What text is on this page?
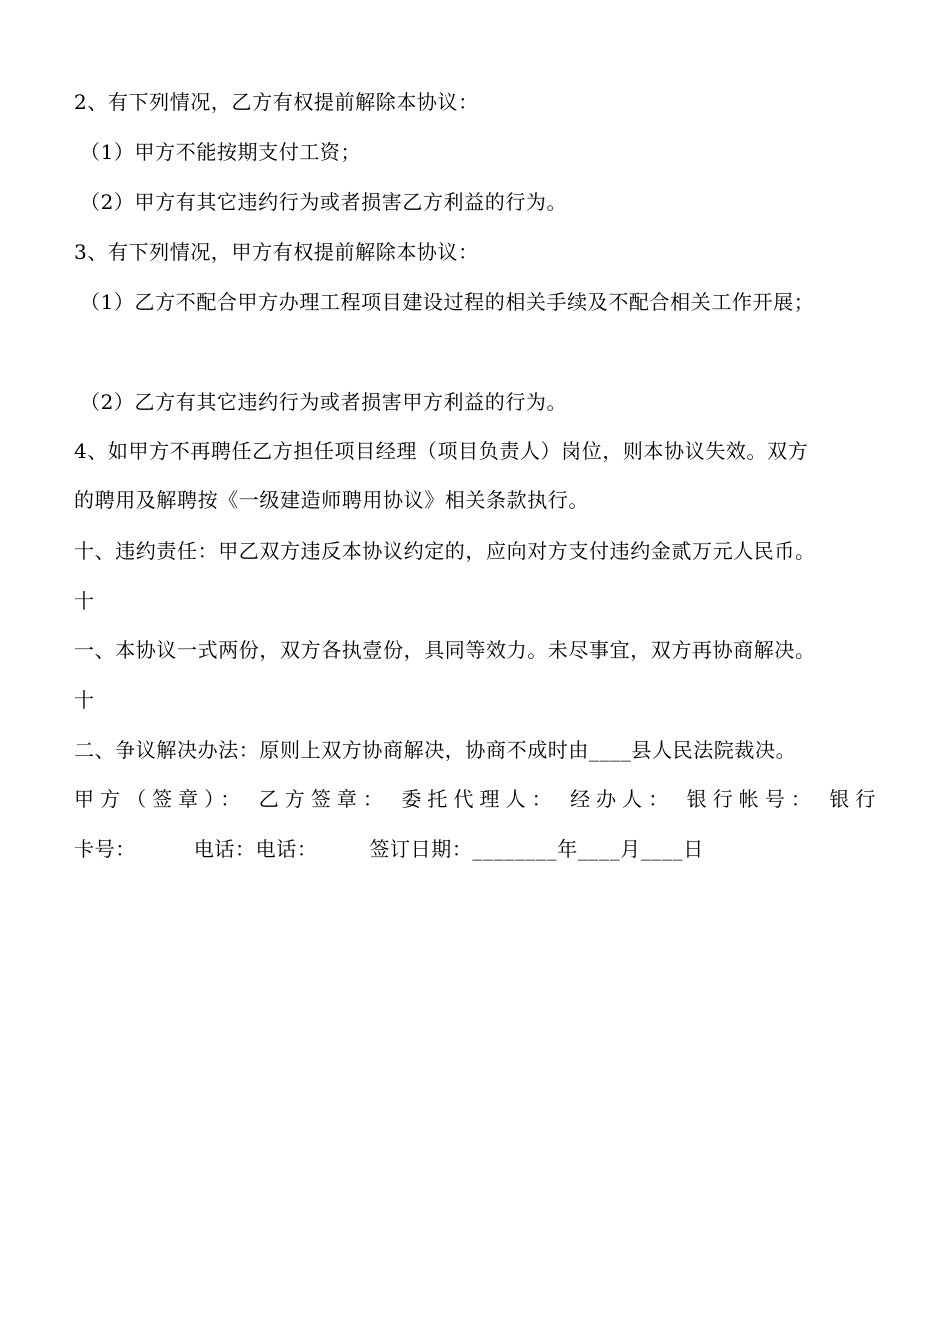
2、有下列情况，乙方有权提前解除本协议：
（1）甲方不能按期支付工资；
（2）甲方有其它违约行为或者损害乙方利益的行为。
3、有下列情况，甲方有权提前解除本协议：
（1）乙方不配合甲方办理工程项目建设过程的相关手续及不配合相关工作开展；
（2）乙方有其它违约行为或者损害甲方利益的行为。
4、如甲方不再聘任乙方担任项目经理（项目负责人）岗位，则本协议失效。双方
的聘用及解聘按《一级建造师聘用协议》相关条款执行。
十、违约责任：甲乙双方违反本协议约定的，应向对方支付违约金贰万元人民币。
十
一、本协议一式两份，双方各执壹份，具同等效力。未尽事宜，双方再协商解决。
十
二、争议解决办法：原则上双方协商解决，协商不成时由____县人民法院裁决。
甲方（签章）： 乙方签章： 委托代理人： 经办人： 银行帐号： 银行
卡号：	电话：电话：	签订日期：________年____月____日
